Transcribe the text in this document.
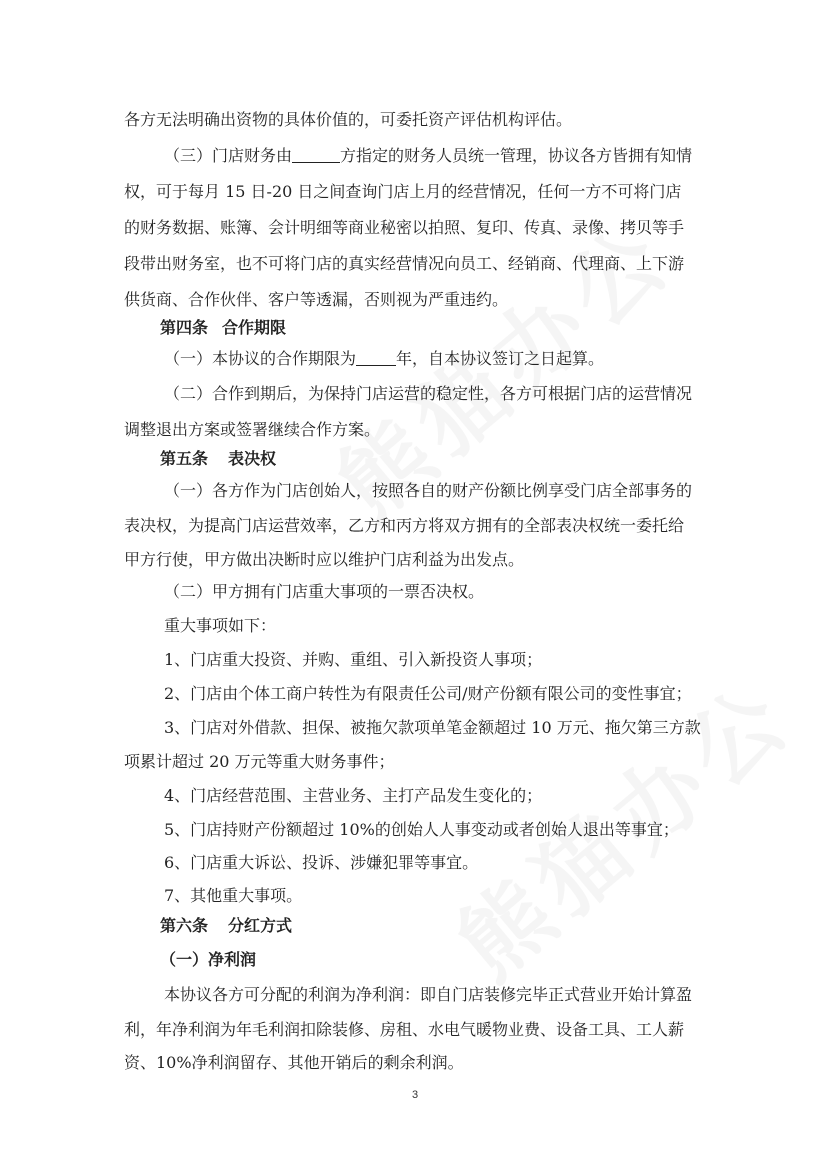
各方无法明确出资物的具体价值的，可委托资产评估机构评估。
（三）门店财务由	方指定的财务人员统一管理，协议各方皆拥有知情
权，可于每月 15 日-20 日之间查询门店上月的经营情况，任何一方不可将门店
的财务数据、账簿、会计明细等商业秘密以拍照、复印、传真、录像、拷贝等手
段带出财务室，也不可将门店的真实经营情况向员工、经销商、代理商、上下游
供货商、合作伙伴、客户等透漏，否则视为严重违约。
第四条 合作期限
（一）本协议的合作期限为	年，自本协议签订之日起算。
（二）合作到期后，为保持门店运营的稳定性，各方可根据门店的运营情况
调整退出方案或签署继续合作方案。
第五条 表决权
（一）各方作为门店创始人，按照各自的财产份额比例享受门店全部事务的
表决权，为提高门店运营效率，乙方和丙方将双方拥有的全部表决权统一委托给
甲方行使，甲方做出决断时应以维护门店利益为出发点。
（二）甲方拥有门店重大事项的一票否决权。
重大事项如下：
1、门店重大投资、并购、重组、引入新投资人事项；
2、门店由个体工商户转性为有限责任公司/财产份额有限公司的变性事宜；
3、门店对外借款、担保、被拖欠款项单笔金额超过 10 万元、拖欠第三方款
项累计超过 20 万元等重大财务事件；
4、门店经营范围、主营业务、主打产品发生变化的；
5、门店持财产份额超过 10%的创始人人事变动或者创始人退出等事宜；
6、门店重大诉讼、投诉、涉嫌犯罪等事宜。
7、其他重大事项。
第六条 分红方式
（一）净利润
本协议各方可分配的利润为净利润：即自门店装修完毕正式营业开始计算盈
利，年净利润为年毛利润扣除装修、房租、水电气暖物业费、设备工具、工人薪
资、10%净利润留存、其他开销后的剩余利润。
3
